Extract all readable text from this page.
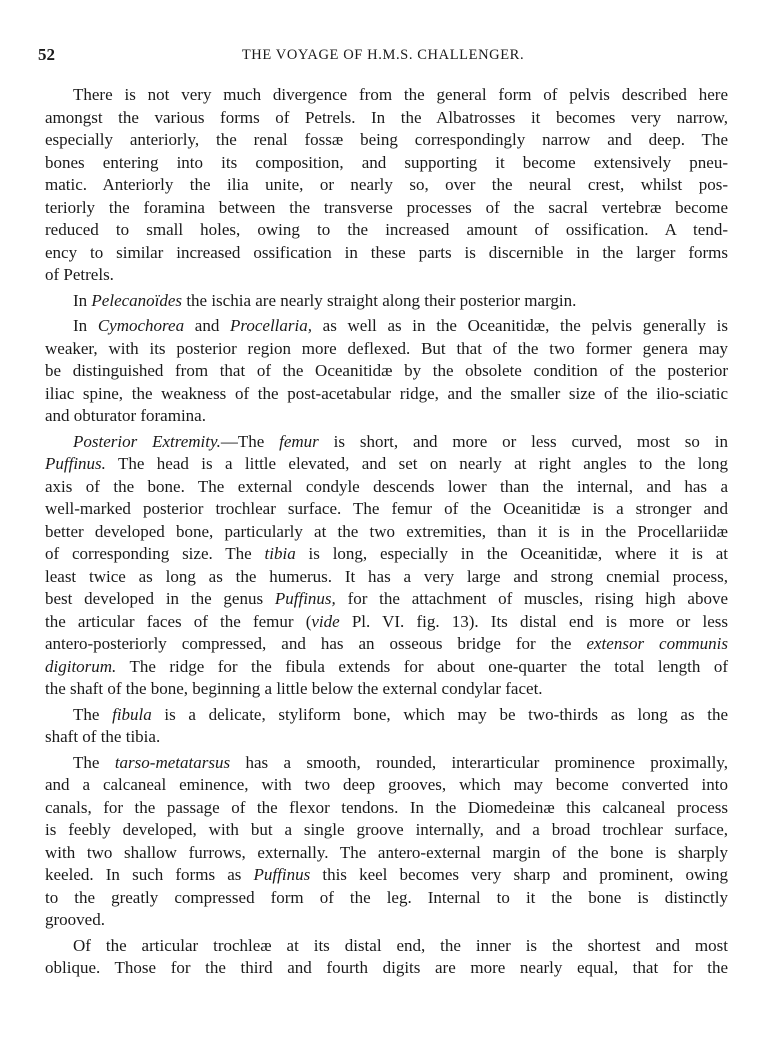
52	THE VOYAGE OF H.M.S. CHALLENGER.
There is not very much divergence from the general form of pelvis described here
amongst the various forms of Petrels. In the Albatrosses it becomes very narrow,
especially anteriorly, the renal fossæ being correspondingly narrow and deep. The
bones entering into its composition, and supporting it become extensively pneu-
matic. Anteriorly the ilia unite, or nearly so, over the neural crest, whilst pos-
teriorly the foramina between the transverse processes of the sacral vertebræ become
reduced to small holes, owing to the increased amount of ossification. A tend-
ency to similar increased ossification in these parts is discernible in the larger forms
of Petrels.
In Pelecanoïdes the ischia are nearly straight along their posterior margin.
In Cymochorea and Procellaria, as well as in the Oceanitidæ, the pelvis generally is
weaker, with its posterior region more deflexed. But that of the two former genera may
be distinguished from that of the Oceanitidæ by the obsolete condition of the posterior
iliac spine, the weakness of the post-acetabular ridge, and the smaller size of the ilio-sciatic
and obturator foramina.
Posterior Extremity.—The femur is short, and more or less curved, most so in
Puffinus. The head is a little elevated, and set on nearly at right angles to the long
axis of the bone. The external condyle descends lower than the internal, and has a
well-marked posterior trochlear surface. The femur of the Oceanitidæ is a stronger and
better developed bone, particularly at the two extremities, than it is in the Procellariidæ
of corresponding size. The tibia is long, especially in the Oceanitidæ, where it is at
least twice as long as the humerus. It has a very large and strong cnemial process,
best developed in the genus Puffinus, for the attachment of muscles, rising high above
the articular faces of the femur (vide Pl. VI. fig. 13). Its distal end is more or less
antero-posteriorly compressed, and has an osseous bridge for the extensor communis
digitorum. The ridge for the fibula extends for about one-quarter the total length of
the shaft of the bone, beginning a little below the external condylar facet.
The fibula is a delicate, styliform bone, which may be two-thirds as long as the
shaft of the tibia.
The tarso-metatarsus has a smooth, rounded, interarticular prominence proximally,
and a calcaneal eminence, with two deep grooves, which may become converted into
canals, for the passage of the flexor tendons. In the Diomedeinæ this calcaneal process
is feebly developed, with but a single groove internally, and a broad trochlear surface,
with two shallow furrows, externally. The antero-external margin of the bone is sharply
keeled. In such forms as Puffinus this keel becomes very sharp and prominent, owing
to the greatly compressed form of the leg. Internal to it the bone is distinctly
grooved.
Of the articular trochleæ at its distal end, the inner is the shortest and most
oblique. Those for the third and fourth digits are more nearly equal, that for the
